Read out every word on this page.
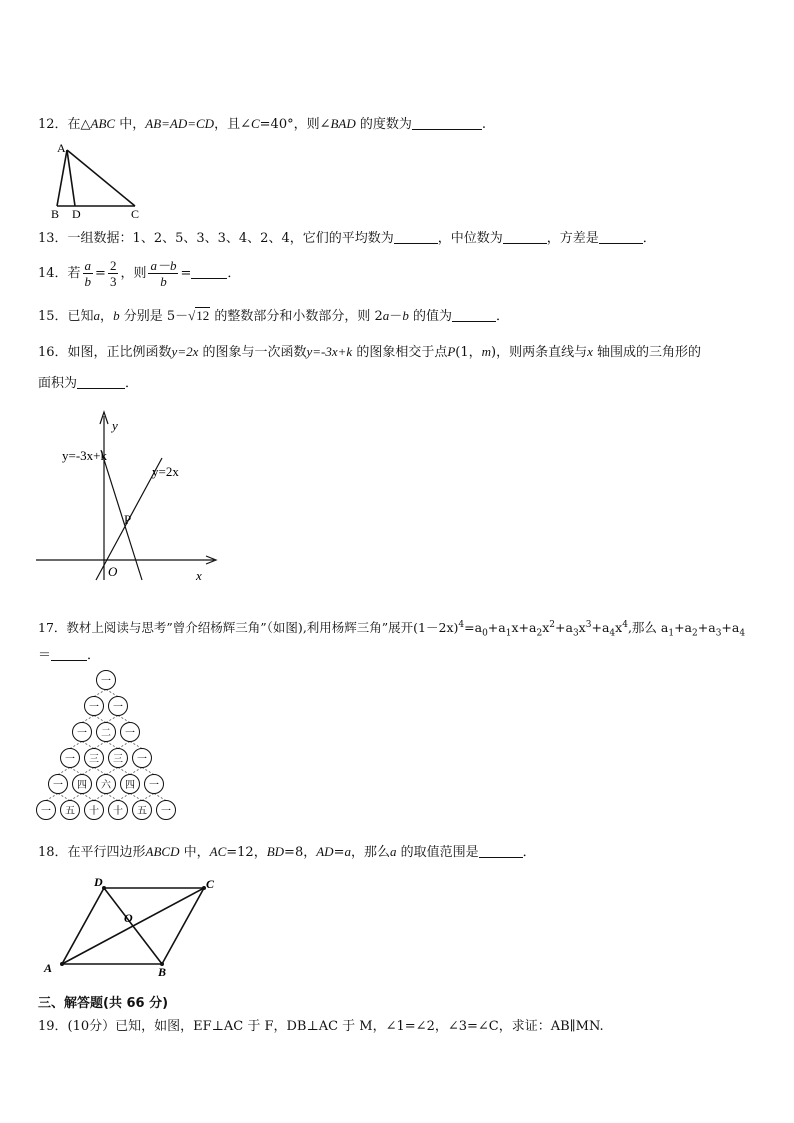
12．在△ABC 中，AB=AD=CD，且∠C=40°，则∠BAD 的度数为	.
A
B D	C
13．一组数据：1、2、5、3、3、4、2、4，它们的平均数为	，中位数为	，方差是	．
14．若 $\frac{a}{b} = \frac{2}{3}$ ，则 $\frac{a-b}{b}$ =	．
15．已知a，b 分别是 5－√12 的整数部分和小数部分，则 2a－b 的值为	．
16．如图，正比例函数y=2x 的图象与一次函数y=-3x+k 的图象相交于点P(1，m)，则两条直线与x 轴围成的三角形的
面积为	．
y
x
O
P
y=-3x+k
y=2x
17．教材上阅读与思考”曾介绍杨辉三角”（如图),利用杨辉三角”展开$(1-2x)^4=a_0+a_1x+a_2x^2+a_3x^3+a_4x^4$,那么 $a_1+a_2+a_3+a_4$
＝	．
一
一 一
一 二 一
一 三 三 一
一 四 六 四 一
一 五 十 十 五 一
18．在平行四边形ABCD 中，AC=12，BD=8，AD=a，那么a 的取值范围是	．
A	B
C
D
O
三、解答题(共 66 分)
19．(10分）已知，如图，EF⊥AC 于 F，DB⊥AC 于 M，∠1=∠2，∠3=∠C，求证：AB∥MN.
